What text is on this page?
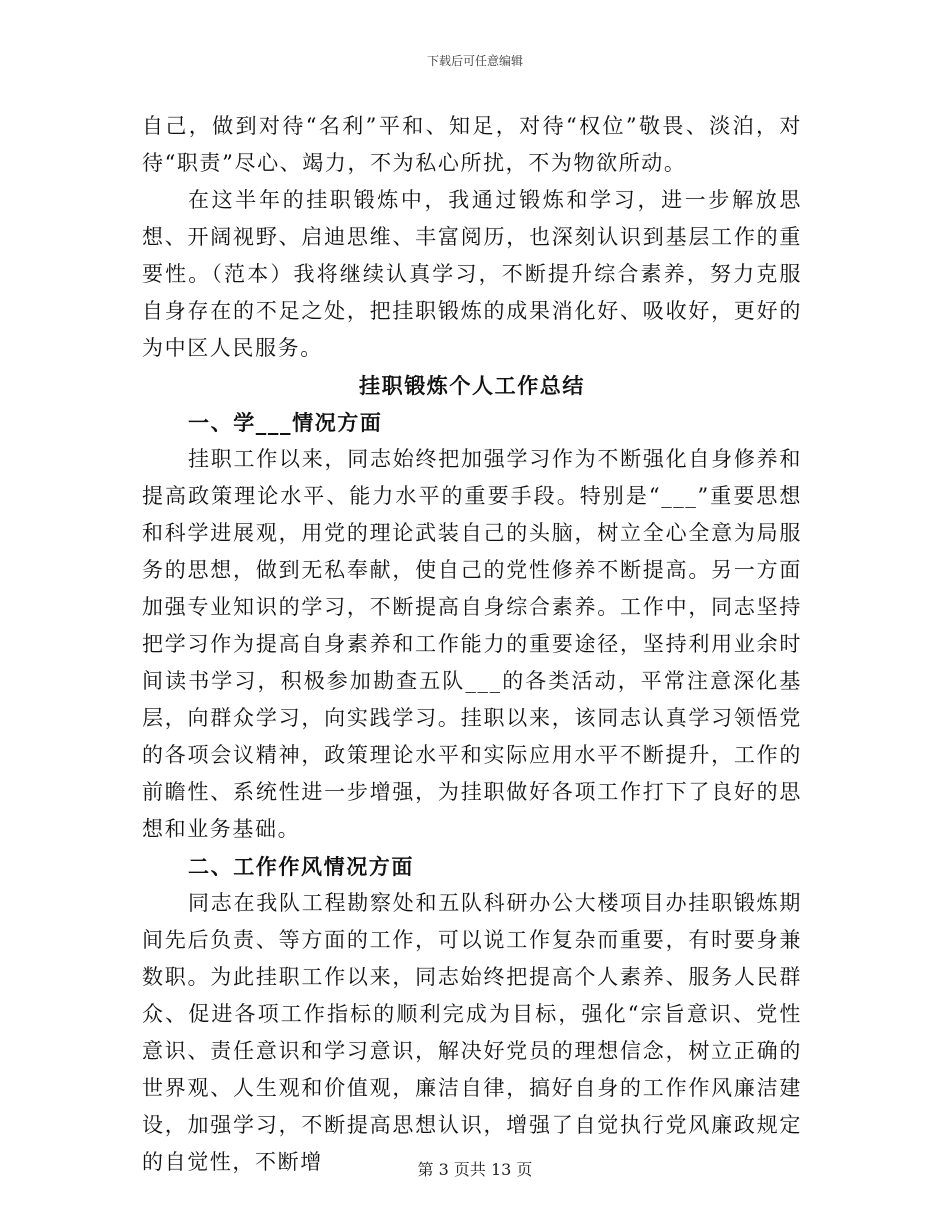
下载后可任意编辑

自己，做到对待“名利”平和、知足，对待“权位”敬畏、淡泊，对待“职责”尽心、竭力，不为私心所扰，不为物欲所动。

在这半年的挂职锻炼中，我通过锻炼和学习，进一步解放思想、开阔视野、启迪思维、丰富阅历，也深刻认识到基层工作的重要性。（范本）我将继续认真学习，不断提升综合素养，努力克服自身存在的不足之处，把挂职锻炼的成果消化好、吸收好，更好的为中区人民服务。

挂职锻炼个人工作总结

一、学___情况方面

挂职工作以来，同志始终把加强学习作为不断强化自身修养和提高政策理论水平、能力水平的重要手段。特别是“___”重要思想和科学进展观，用党的理论武装自己的头脑，树立全心全意为局服务的思想，做到无私奉献，使自己的党性修养不断提高。另一方面加强专业知识的学习，不断提高自身综合素养。工作中，同志坚持把学习作为提高自身素养和工作能力的重要途径，坚持利用业余时间读书学习，积极参加勘查五队___的各类活动，平常注意深化基层，向群众学习，向实践学习。挂职以来，该同志认真学习领悟党的各项会议精神，政策理论水平和实际应用水平不断提升，工作的前瞻性、系统性进一步增强，为挂职做好各项工作打下了良好的思想和业务基础。

二、工作作风情况方面

同志在我队工程勘察处和五队科研办公大楼项目办挂职锻炼期间先后负责、等方面的工作，可以说工作复杂而重要，有时要身兼数职。为此挂职工作以来，同志始终把提高个人素养、服务人民群众、促进各项工作指标的顺利完成为目标，强化“宗旨意识、党性意识、责任意识和学习意识，解决好党员的理想信念，树立正确的世界观、人生观和价值观，廉洁自律，搞好自身的工作作风廉洁建设，加强学习，不断提高思想认识，增强了自觉执行党风廉政规定的自觉性，不断增	第 3 页共 13 页
